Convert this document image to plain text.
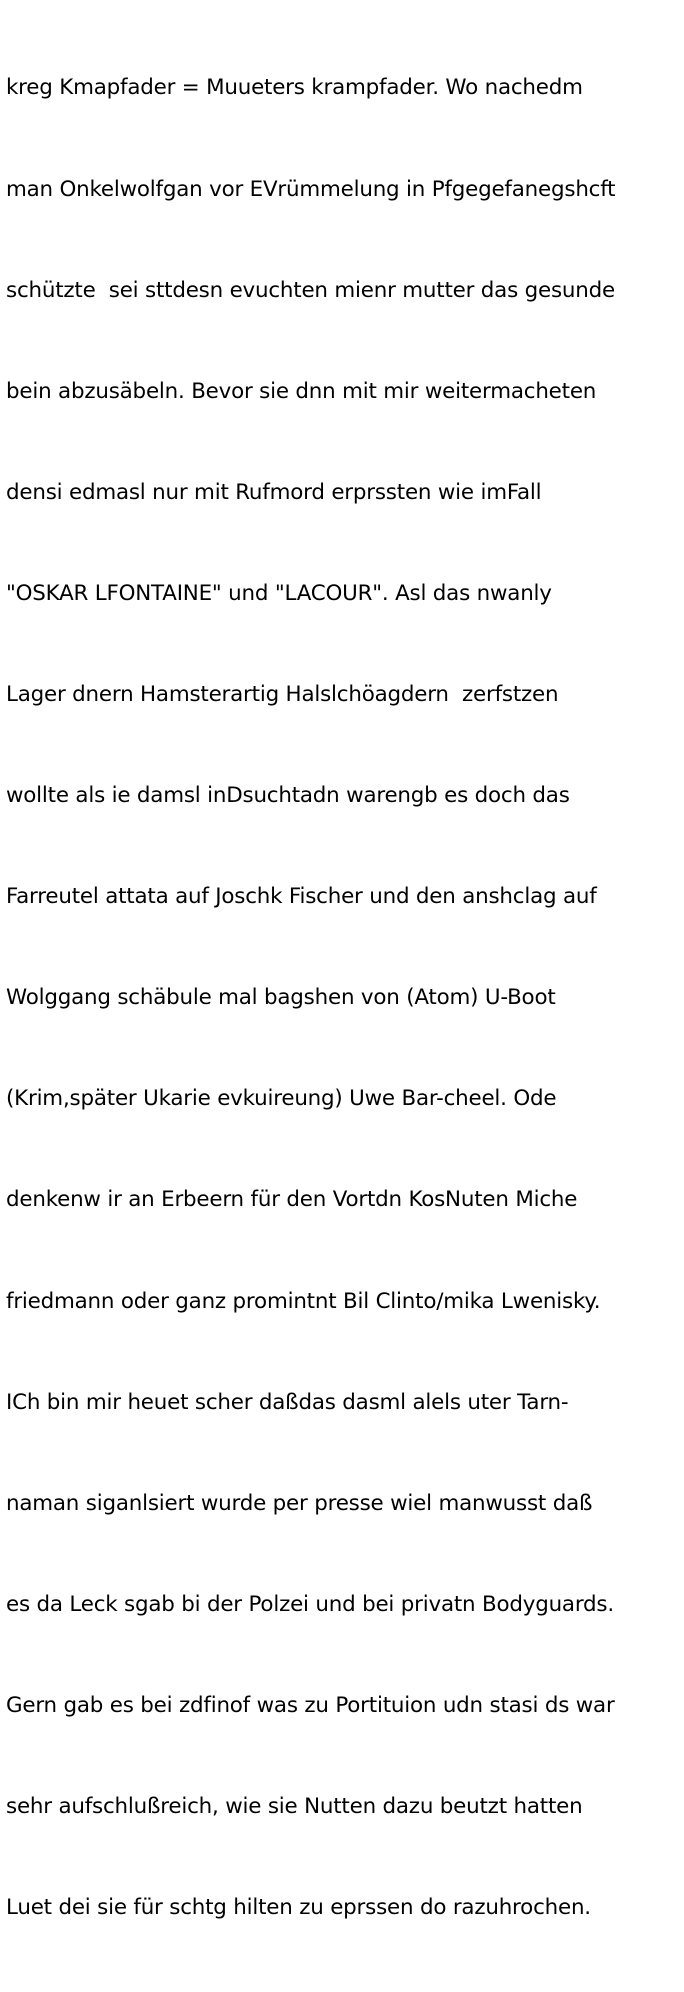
kreg Kmapfader = Muueters krampfader. Wo nachedm

man Onkelwolfgan vor EVrümmelung in Pfgegefanegshcft

schützte  sei sttdesn evuchten mienr mutter das gesunde

bein abzusäbeln. Bevor sie dnn mit mir weitermacheten

densi edmasl nur mit Rufmord erprssten wie imFall

"OSKAR LFONTAINE" und "LACOUR". Asl das nwanly

Lager dnern Hamsterartig Halslchöagdern  zerfstzen

wollte als ie damsl inDsuchtadn warengb es doch das

Farreutel attata auf Joschk Fischer und den anshclag auf

Wolggang schäbule mal bagshen von (Atom) U-Boot

(Krim,später Ukarie evkuireung) Uwe Bar-cheel. Ode

denkenw ir an Erbeern für den Vortdn KosNuten Miche

friedmann oder ganz promintnt Bil Clinto/mika Lwenisky.

ICh bin mir heuet scher daßdas dasml alels uter Tarn-

naman siganlsiert wurde per presse wiel manwusst daß

es da Leck sgab bi der Polzei und bei privatn Bodyguards.

Gern gab es bei zdfinof was zu Portituion udn stasi ds war

sehr aufschlußreich, wie sie Nutten dazu beutzt hatten

Luet dei sie für schtg hilten zu eprssen do razuhrochen.
